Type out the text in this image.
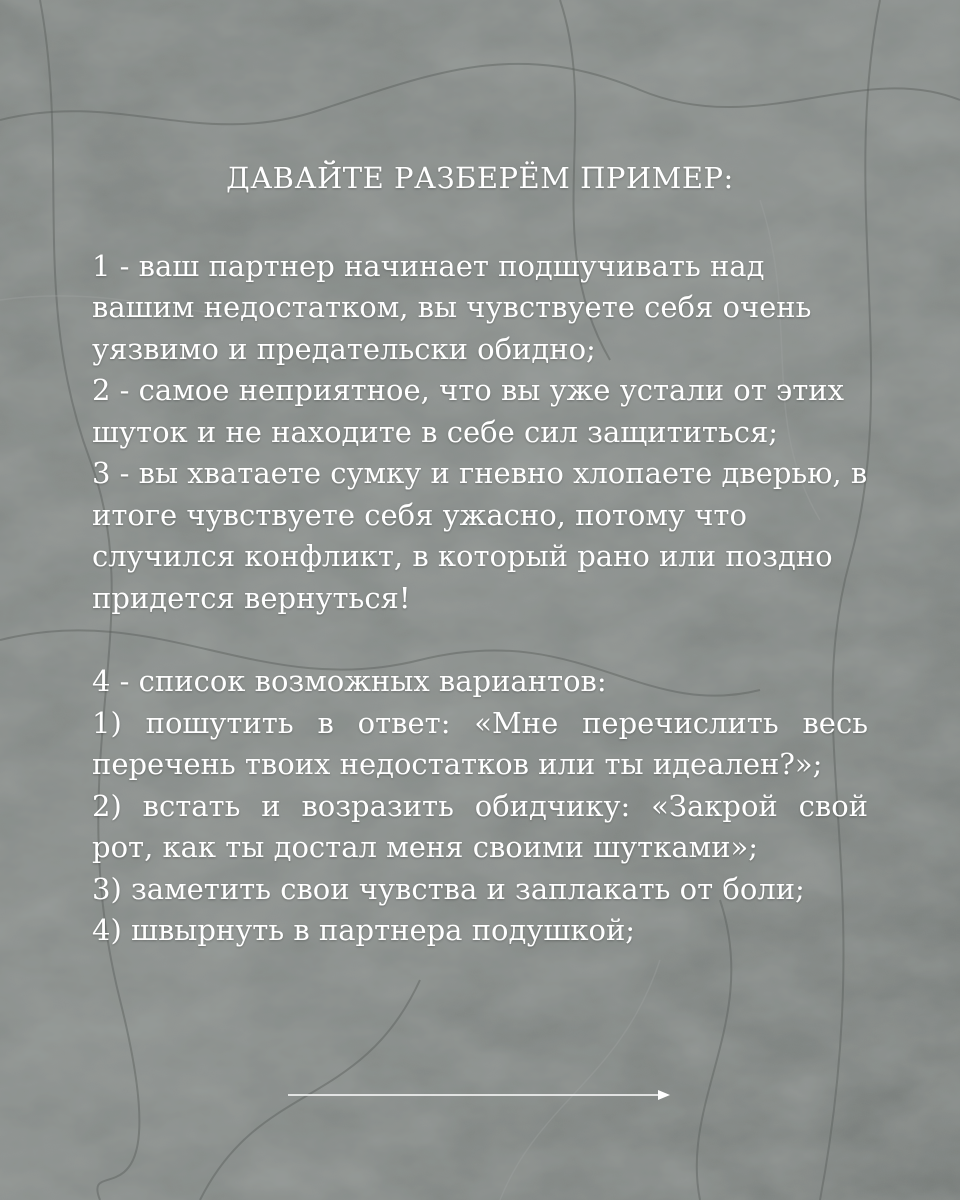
ДАВАЙТЕ РАЗБЕРЁМ ПРИМЕР:
1 - ваш партнер начинает подшучивать над вашим недостатком, вы чувствуете себя очень уязвимо и предательски обидно;
2 - самое неприятное, что вы уже устали от этих шуток и не находите в себе сил защититься;
3 - вы хватаете сумку и гневно хлопаете дверью, в итоге чувствуете себя ужасно, потому что случился конфликт, в который рано или поздно придется вернуться!
4 - список возможных вариантов:
1) пошутить в ответ: «Мне перечислить весь перечень твоих недостатков или ты идеален?»;
2) встать и возразить обидчику: «Закрой свой рот, как ты достал меня своими шутками»;
3) заметить свои чувства и заплакать от боли;
4) швырнуть в партнера подушкой;
